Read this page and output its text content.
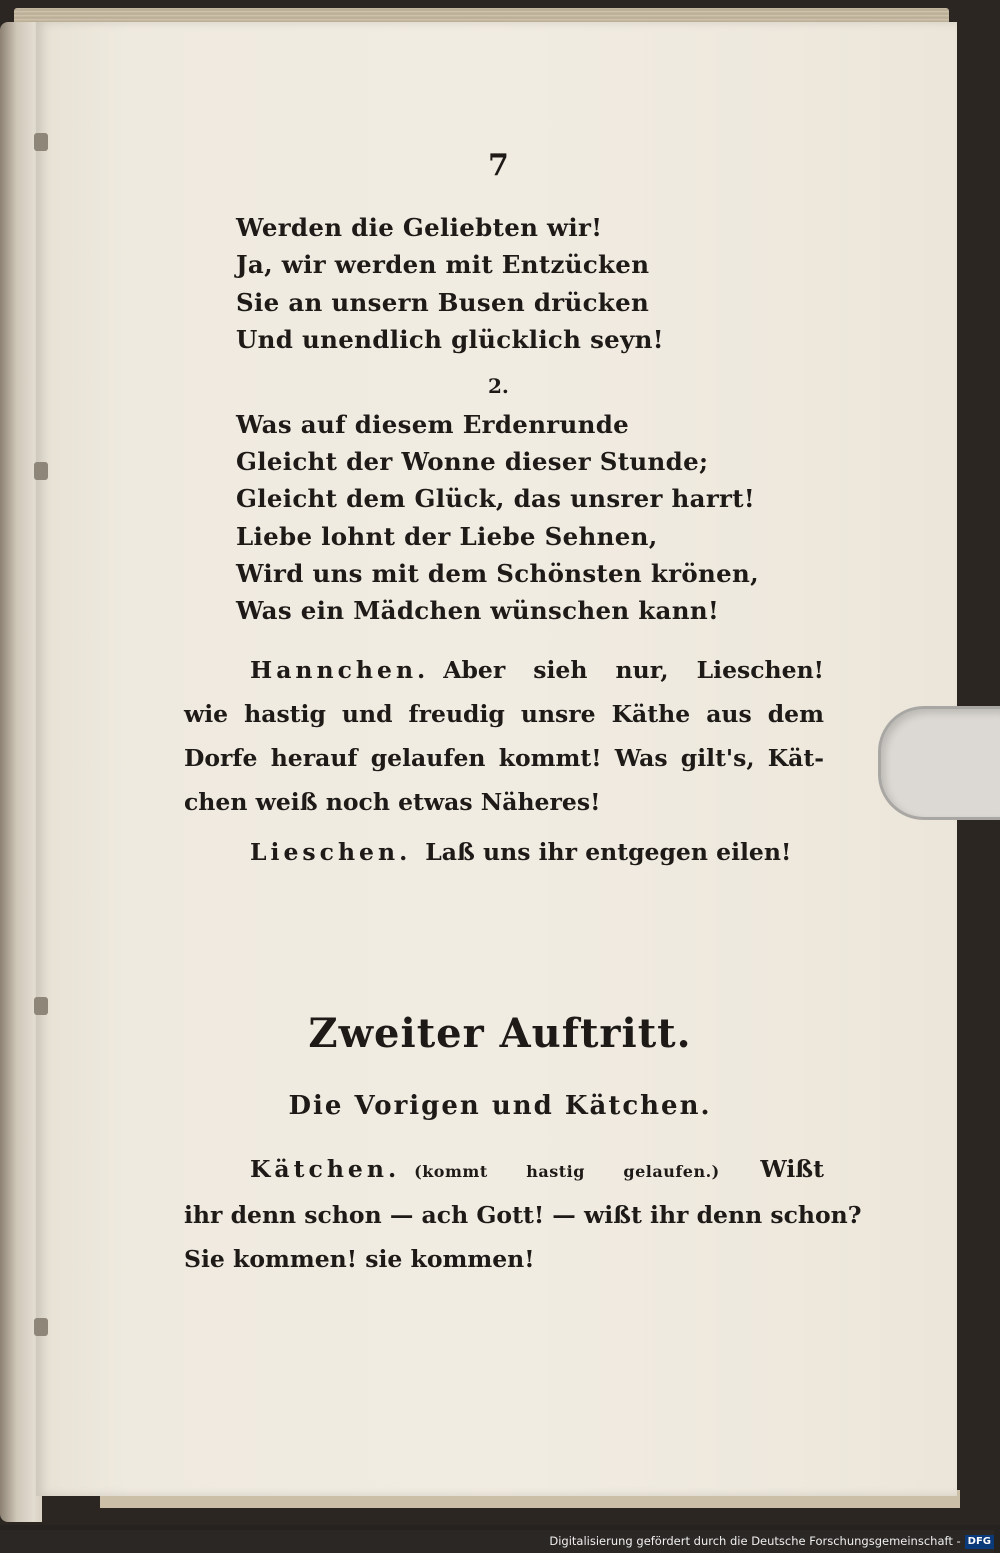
7
Werden die Geliebten wir!
Ja, wir werden mit Entzücken
Sie an unsern Busen drücken
Und unendlich glücklich seyn!
2.
Was auf diesem Erdenrunde
Gleicht der Wonne dieser Stunde;
Gleicht dem Glück, das unsrer harrt!
Liebe lohnt der Liebe Sehnen,
Wird uns mit dem Schönsten krönen,
Was ein Mädchen wünschen kann!
Hannchen. Aber sieh nur, Lieschen!
wie hastig und freudig unsre Käthe aus dem
Dorfe herauf gelaufen kommt! Was gilt's, Kät-
chen weiß noch etwas Näheres!
Lieschen. Laß uns ihr entgegen eilen!
Zweiter Auftritt.
Die Vorigen und Kätchen.
Kätchen. (kommt hastig gelaufen.) Wißt
ihr denn schon — ach Gott! — wißt ihr denn schon?
Sie kommen! sie kommen!
Digitalisierung gefördert durch die Deutsche Forschungsgemeinschaft - DFG
